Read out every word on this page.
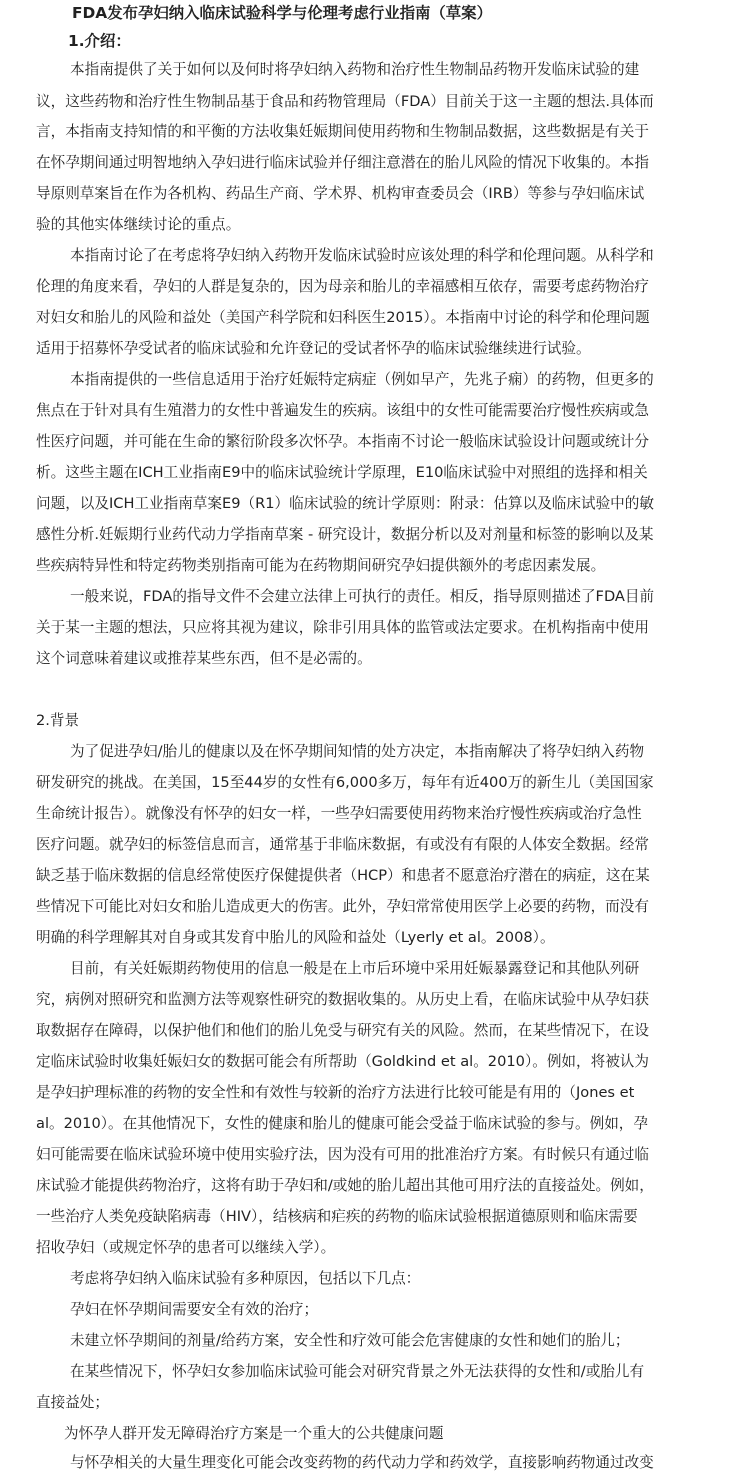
FDA发布孕妇纳入临床试验科学与伦理考虑行业指南（草案）
1.介绍：
本指南提供了关于如何以及何时将孕妇纳入药物和治疗性生物制品药物开发临床试验的建
议，这些药物和治疗性生物制品基于食品和药物管理局（FDA）目前关于这一主题的想法.具体而
言，本指南支持知情的和平衡的方法收集妊娠期间使用药物和生物制品数据，这些数据是有关于
在怀孕期间通过明智地纳入孕妇进行临床试验并仔细注意潜在的胎儿风险的情况下收集的。本指
导原则草案旨在作为各机构、药品生产商、学术界、机构审查委员会（IRB）等参与孕妇临床试
验的其他实体继续讨论的重点。
本指南讨论了在考虑将孕妇纳入药物开发临床试验时应该处理的科学和伦理问题。从科学和
伦理的角度来看，孕妇的人群是复杂的，因为母亲和胎儿的幸福感相互依存，需要考虑药物治疗
对妇女和胎儿的风险和益处（美国产科学院和妇科医生2015）。本指南中讨论的科学和伦理问题
适用于招募怀孕受试者的临床试验和允许登记的受试者怀孕的临床试验继续进行试验。
本指南提供的一些信息适用于治疗妊娠特定病症（例如早产，先兆子痫）的药物，但更多的
焦点在于针对具有生殖潜力的女性中普遍发生的疾病。该组中的女性可能需要治疗慢性疾病或急
性医疗问题，并可能在生命的繁衍阶段多次怀孕。本指南不讨论一般临床试验设计问题或统计分
析。这些主题在ICH工业指南E9中的临床试验统计学原理，E10临床试验中对照组的选择和相关
问题，以及ICH工业指南草案E9（R1）临床试验的统计学原则：附录：估算以及临床试验中的敏
感性分析.妊娠期行业药代动力学指南草案 - 研究设计，数据分析以及对剂量和标签的影响以及某
些疾病特异性和特定药物类别指南可能为在药物期间研究孕妇提供额外的考虑因素发展。
一般来说，FDA的指导文件不会建立法律上可执行的责任。相反，指导原则描述了FDA目前
关于某一主题的想法，只应将其视为建议，除非引用具体的监管或法定要求。在机构指南中使用
这个词意味着建议或推荐某些东西，但不是必需的。
2.背景
为了促进孕妇/胎儿的健康以及在怀孕期间知情的处方决定，本指南解决了将孕妇纳入药物
研发研究的挑战。在美国，15至44岁的女性有6,000多万，每年有近400万的新生儿（美国国家
生命统计报告）。就像没有怀孕的妇女一样，一些孕妇需要使用药物来治疗慢性疾病或治疗急性
医疗问题。就孕妇的标签信息而言，通常基于非临床数据，有或没有有限的人体安全数据。经常
缺乏基于临床数据的信息经常使医疗保健提供者（HCP）和患者不愿意治疗潜在的病症，这在某
些情况下可能比对妇女和胎儿造成更大的伤害。此外，孕妇常常使用医学上必要的药物，而没有
明确的科学理解其对自身或其发育中胎儿的风险和益处（Lyerly et al。2008）。
目前，有关妊娠期药物使用的信息一般是在上市后环境中采用妊娠暴露登记和其他队列研
究，病例对照研究和监测方法等观察性研究的数据收集的。从历史上看，在临床试验中从孕妇获
取数据存在障碍，以保护他们和他们的胎儿免受与研究有关的风险。然而，在某些情况下，在设
定临床试验时收集妊娠妇女的数据可能会有所帮助（Goldkind et al。2010）。例如，将被认为
是孕妇护理标准的药物的安全性和有效性与较新的治疗方法进行比较可能是有用的（Jones et
al。2010）。在其他情况下，女性的健康和胎儿的健康可能会受益于临床试验的参与。例如，孕
妇可能需要在临床试验环境中使用实验疗法，因为没有可用的批准治疗方案。有时候只有通过临
床试验才能提供药物治疗，这将有助于孕妇和/或她的胎儿超出其他可用疗法的直接益处。例如，
一些治疗人类免疫缺陷病毒（HIV），结核病和疟疾的药物的临床试验根据道德原则和临床需要
招收孕妇（或规定怀孕的患者可以继续入学）。
考虑将孕妇纳入临床试验有多种原因，包括以下几点：
孕妇在怀孕期间需要安全有效的治疗；
未建立怀孕期间的剂量/给药方案，安全性和疗效可能会危害健康的女性和她们的胎儿；
在某些情况下，怀孕妇女参加临床试验可能会对研究背景之外无法获得的女性和/或胎儿有
直接益处；
为怀孕人群开发无障碍治疗方案是一个重大的公共健康问题
与怀孕相关的大量生理变化可能会改变药物的药代动力学和药效学，直接影响药物通过改变
